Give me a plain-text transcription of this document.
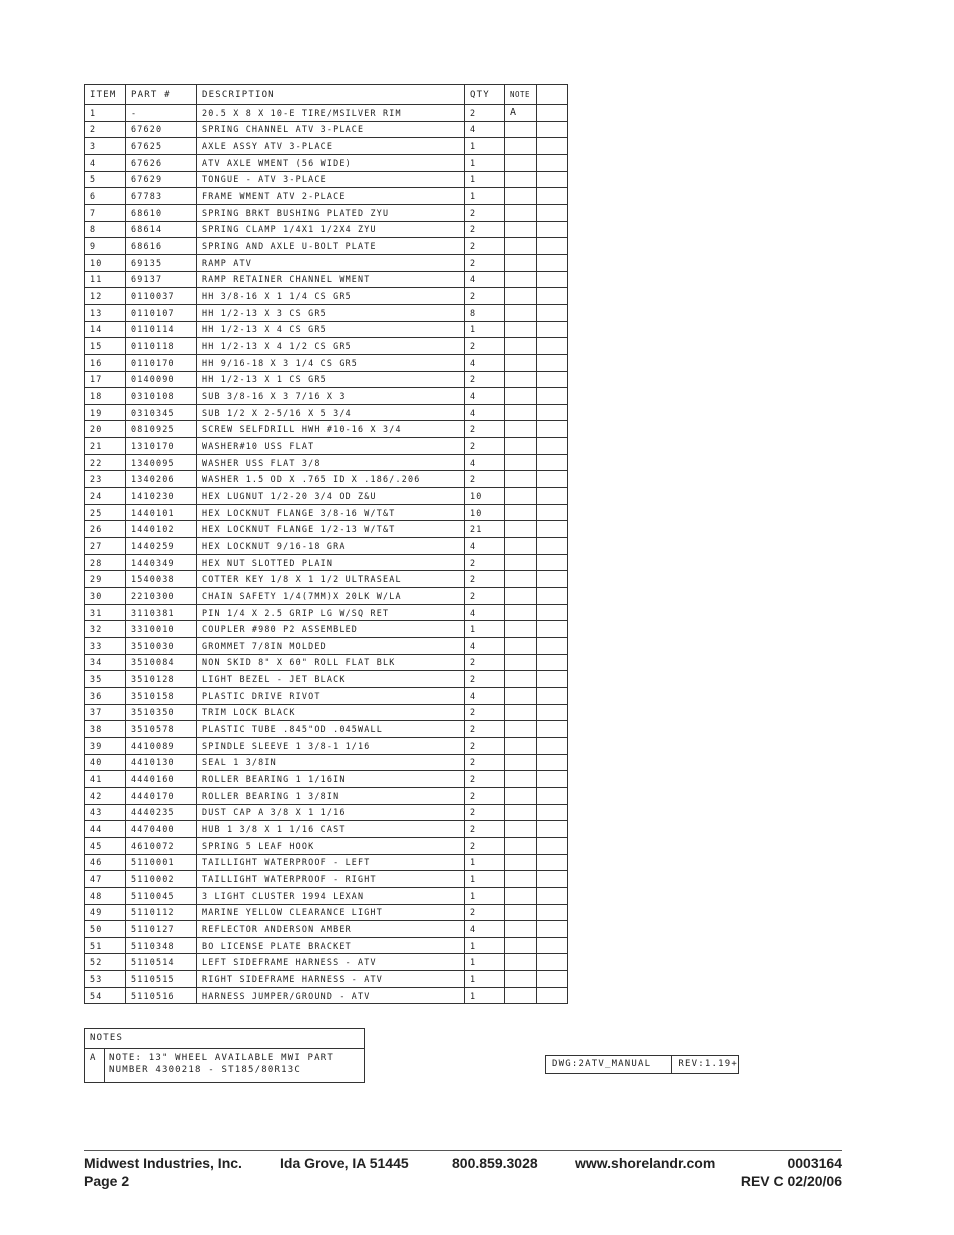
ITEM	PART #	DESCRIPTION	QTY	NOTE	
1	-	20.5 X 8 X 10-E TIRE/MSILVER RIM	2	A	
2	67620	SPRING CHANNEL ATV 3-PLACE	4		
3	67625	AXLE ASSY ATV 3-PLACE	1		
4	67626	ATV AXLE WMENT (56 WIDE)	1		
5	67629	TONGUE - ATV 3-PLACE	1		
6	67783	FRAME WMENT ATV 2-PLACE	1		
7	68610	SPRING BRKT BUSHING PLATED ZYU	2		
8	68614	SPRING CLAMP 1/4X1 1/2X4 ZYU	2		
9	68616	SPRING AND AXLE U-BOLT PLATE	2		
10	69135	RAMP ATV	2		
11	69137	RAMP RETAINER CHANNEL WMENT	4		
12	0110037	HH 3/8-16 X 1 1/4 CS GR5	2		
13	0110107	HH 1/2-13 X 3 CS GR5	8		
14	0110114	HH 1/2-13 X 4 CS GR5	1		
15	0110118	HH 1/2-13 X 4 1/2 CS GR5	2		
16	0110170	HH 9/16-18 X 3 1/4 CS GR5	4		
17	0140090	HH 1/2-13 X 1 CS GR5	2		
18	0310108	SUB 3/8-16 X 3 7/16 X 3	4		
19	0310345	SUB 1/2 X 2-5/16 X 5 3/4	4		
20	0810925	SCREW SELFDRILL HWH #10-16 X 3/4	2		
21	1310170	WASHER#10 USS FLAT	2		
22	1340095	WASHER USS FLAT 3/8	4		
23	1340206	WASHER 1.5 OD X .765 ID X .186/.206	2		
24	1410230	HEX LUGNUT 1/2-20 3/4 OD Z&U	10		
25	1440101	HEX LOCKNUT FLANGE 3/8-16 W/T&T	10		
26	1440102	HEX LOCKNUT FLANGE 1/2-13 W/T&T	21		
27	1440259	HEX LOCKNUT 9/16-18 GRA	4		
28	1440349	HEX NUT SLOTTED PLAIN	2		
29	1540038	COTTER KEY 1/8 X 1 1/2 ULTRASEAL	2		
30	2210300	CHAIN SAFETY 1/4(7MM)X 20LK W/LA	2		
31	3110381	PIN 1/4 X 2.5 GRIP LG W/SQ RET	4		
32	3310010	COUPLER #980 P2 ASSEMBLED	1		
33	3510030	GROMMET 7/8IN MOLDED	4		
34	3510084	NON SKID 8" X 60" ROLL FLAT BLK	2		
35	3510128	LIGHT BEZEL - JET BLACK	2		
36	3510158	PLASTIC DRIVE RIVOT	4		
37	3510350	TRIM LOCK BLACK	2		
38	3510578	PLASTIC TUBE .845"OD .045WALL	2		
39	4410089	SPINDLE SLEEVE 1 3/8-1 1/16	2		
40	4410130	SEAL 1 3/8IN	2		
41	4440160	ROLLER BEARING 1 1/16IN	2		
42	4440170	ROLLER BEARING 1 3/8IN	2		
43	4440235	DUST CAP A 3/8 X 1 1/16	2		
44	4470400	HUB 1 3/8 X 1 1/16 CAST	2		
45	4610072	SPRING 5 LEAF HOOK	2		
46	5110001	TAILLIGHT WATERPROOF - LEFT	1		
47	5110002	TAILLIGHT WATERPROOF - RIGHT	1		
48	5110045	3 LIGHT CLUSTER 1994 LEXAN	1		
49	5110112	MARINE YELLOW CLEARANCE LIGHT	2		
50	5110127	REFLECTOR ANDERSON AMBER	4		
51	5110348	BO LICENSE PLATE BRACKET	1		
52	5110514	LEFT SIDEFRAME HARNESS - ATV	1		
53	5110515	RIGHT SIDEFRAME HARNESS - ATV	1		
54	5110516	HARNESS JUMPER/GROUND - ATV	1		
NOTES
A	NOTE: 13" WHEEL AVAILABLE MWI PART
NUMBER 4300218 - ST185/80R13C
DWG:2ATV_MANUAL	REV:1.19+
Midwest Industries, Inc.	Ida Grove, IA 51445	800.859.3028	www.shorelandr.com	0003164
Page 2	REV C 02/20/06
